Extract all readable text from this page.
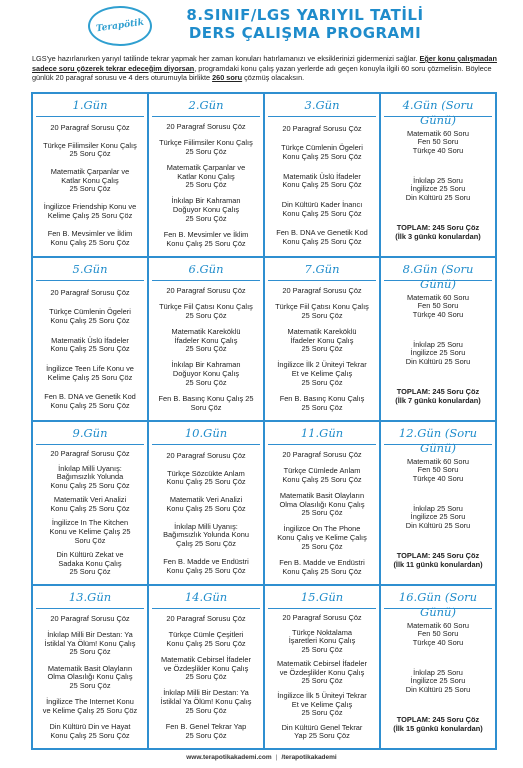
Terapötik
8.SINIF/LGS YARIYIL TATİLİ
DERS ÇALIŞMA PROGRAMI
LGS'ye hazırlanırken yarıyıl tatilinde tekrar yapmak her zaman konuları hatırlamanızı ve eksiklerinizi gidermenizi sağlar. Eğer konu çalışmadan sadece soru çözerek tekrar edeceğim diyorsan, programdaki konu çalış yazan yerlerde adı geçen konuyla ilgili 60 soru çözmelisin. Böylece günlük 20 paragraf sorusu ve 4 ders oturumuyla birlikte 260 soru çözmüş olacaksın.
1.Gün
20 Paragraf Sorusu Çöz
Türkçe Fiilimsiler Konu Çalış
25 Soru Çöz
Matematik Çarpanlar ve
Katlar Konu Çalış
25 Soru Çöz
İngilizce Friendship Konu ve
Kelime Çalış 25 Soru Çöz
Fen B. Mevsimler ve İklim
Konu Çalış 25 Soru Çöz
2.Gün
20 Paragraf Sorusu Çöz
Türkçe Fiilimsiler Konu Çalış
25 Soru Çöz
Matematik Çarpanlar ve
Katlar Konu Çalış
25 Soru Çöz
İnkılap Bir Kahraman
Doğuyor Konu Çalış
25 Soru Çöz
Fen B. Mevsimler ve İklim
Konu Çalış 25 Soru Çöz
3.Gün
20 Paragraf Sorusu Çöz
Türkçe Cümlenin Ögeleri
Konu Çalış 25 Soru Çöz
Matematik Üslü İfadeler
Konu Çalış 25 Soru Çöz
Din Kültürü Kader İnancı
Konu Çalış 25 Soru Çöz
Fen B. DNA ve Genetik Kod
Konu Çalış 25 Soru Çöz
4.Gün (Soru Günü)
Matematik 60 Soru
Fen 50 Soru
Türkçe 40 Soru
İnkılap 25 Soru
İngilizce 25 Soru
Din Kültürü 25 Soru
TOPLAM: 245 Soru Çöz
(İlk 3 günkü konulardan)
5.Gün
20 Paragraf Sorusu Çöz
Türkçe Cümlenin Ögeleri
Konu Çalış 25 Soru Çöz
Matematik Üslü İfadeler
Konu Çalış 25 Soru Çöz
İngilizce Teen Life Konu ve
Kelime Çalış 25 Soru Çöz
Fen B. DNA ve Genetik Kod
Konu Çalış 25 Soru Çöz
6.Gün
20 Paragraf Sorusu Çöz
Türkçe Fiil Çatısı Konu Çalış
25 Soru Çöz
Matematik Kareköklü
İfadeler Konu Çalış
25 Soru Çöz
İnkılap Bir Kahraman
Doğuyor Konu Çalış
25 Soru Çöz
Fen B. Basınç Konu Çalış 25
Soru Çöz
7.Gün
20 Paragraf Sorusu Çöz
Türkçe Fiil Çatısı Konu Çalış
25 Soru Çöz
Matematik Kareköklü
İfadeler Konu Çalış
25 Soru Çöz
İngilizce İlk 2 Üniteyi Tekrar
Et ve Kelime Çalış
25 Soru Çöz
Fen B. Basınç Konu Çalış
25 Soru Çöz
8.Gün (Soru Günü)
Matematik 60 Soru
Fen 50 Soru
Türkçe 40 Soru
İnkılap 25 Soru
İngilizce 25 Soru
Din Kültürü 25 Soru
TOPLAM: 245 Soru Çöz
(İlk 7 günkü konulardan)
9.Gün
20 Paragraf Sorusu Çöz
İnkılap Milli Uyanış:
Bağımsızlık Yolunda
Konu Çalış 25 Soru Çöz
Matematik Veri Analizi
Konu Çalış 25 Soru Çöz
İngilizce In The Kitchen
Konu ve Kelime Çalış 25
Soru Çöz
Din Kültürü Zekat ve
Sadaka Konu Çalış
25 Soru Çöz
10.Gün
20 Paragraf Sorusu Çöz
Türkçe Sözcükte Anlam
Konu Çalış 25 Soru Çöz
Matematik Veri Analizi
Konu Çalış 25 Soru Çöz
İnkılap Milli Uyanış:
Bağımsızlık Yolunda Konu
Çalış 25 Soru Çöz
Fen B. Madde ve Endüstri
Konu Çalış 25 Soru Çöz
11.Gün
20 Paragraf Sorusu Çöz
Türkçe Cümlede Anlam
Konu Çalış 25 Soru Çöz
Matematik Basit Olayların
Olma Olasılığı Konu Çalış
25 Soru Çöz
İngilizce On The Phone
Konu Çalış ve Kelime Çalış
25 Soru Çöz
Fen B. Madde ve Endüstri
Konu Çalış 25 Soru Çöz
12.Gün (Soru Günü)
Matematik 60 Soru
Fen 50 Soru
Türkçe 40 Soru
İnkılap 25 Soru
İngilizce 25 Soru
Din Kültürü 25 Soru
TOPLAM: 245 Soru Çöz
(İlk 11 günkü konulardan)
13.Gün
20 Paragraf Sorusu Çöz
İnkılap Milli Bir Destan: Ya
İstiklal Ya Ölüm! Konu Çalış
25 Soru Çöz
Matematik Basit Olayların
Olma Olasılığı Konu Çalış
25 Soru Çöz
İngilizce The Internet Konu
ve Kelime Çalış 25 Soru Çöz
Din Kültürü Din ve Hayat
Konu Çalış 25 Soru Çöz
14.Gün
20 Paragraf Sorusu Çöz
Türkçe Cümle Çeşitleri
Konu Çalış 25 Soru Çöz
Matematik Cebirsel İfadeler
ve Özdeşlikler Konu Çalış
25 Soru Çöz
İnkılap Milli Bir Destan: Ya
İstiklal Ya Ölüm! Konu Çalış
25 Soru Çöz
Fen B. Genel Tekrar Yap
25 Soru Çöz
15.Gün
20 Paragraf Sorusu Çöz
Türkçe Noktalama
İşaretleri Konu Çalış
25 Soru Çöz
Matematik Cebirsel İfadeler
ve Özdeşlikler Konu Çalış
25 Soru Çöz
İngilizce İlk 5 Üniteyi Tekrar
Et ve Kelime Çalış
25 Soru Çöz
Din Kültürü Genel Tekrar
Yap 25 Soru Çöz
16.Gün (Soru Günü)
Matematik 60 Soru
Fen 50 Soru
Türkçe 40 Soru
İnkılap 25 Soru
İngilizce 25 Soru
Din Kültürü 25 Soru
TOPLAM: 245 Soru Çöz
(İlk 15 günkü konulardan)
www.terapotikakademi.com | /terapotikakademi
